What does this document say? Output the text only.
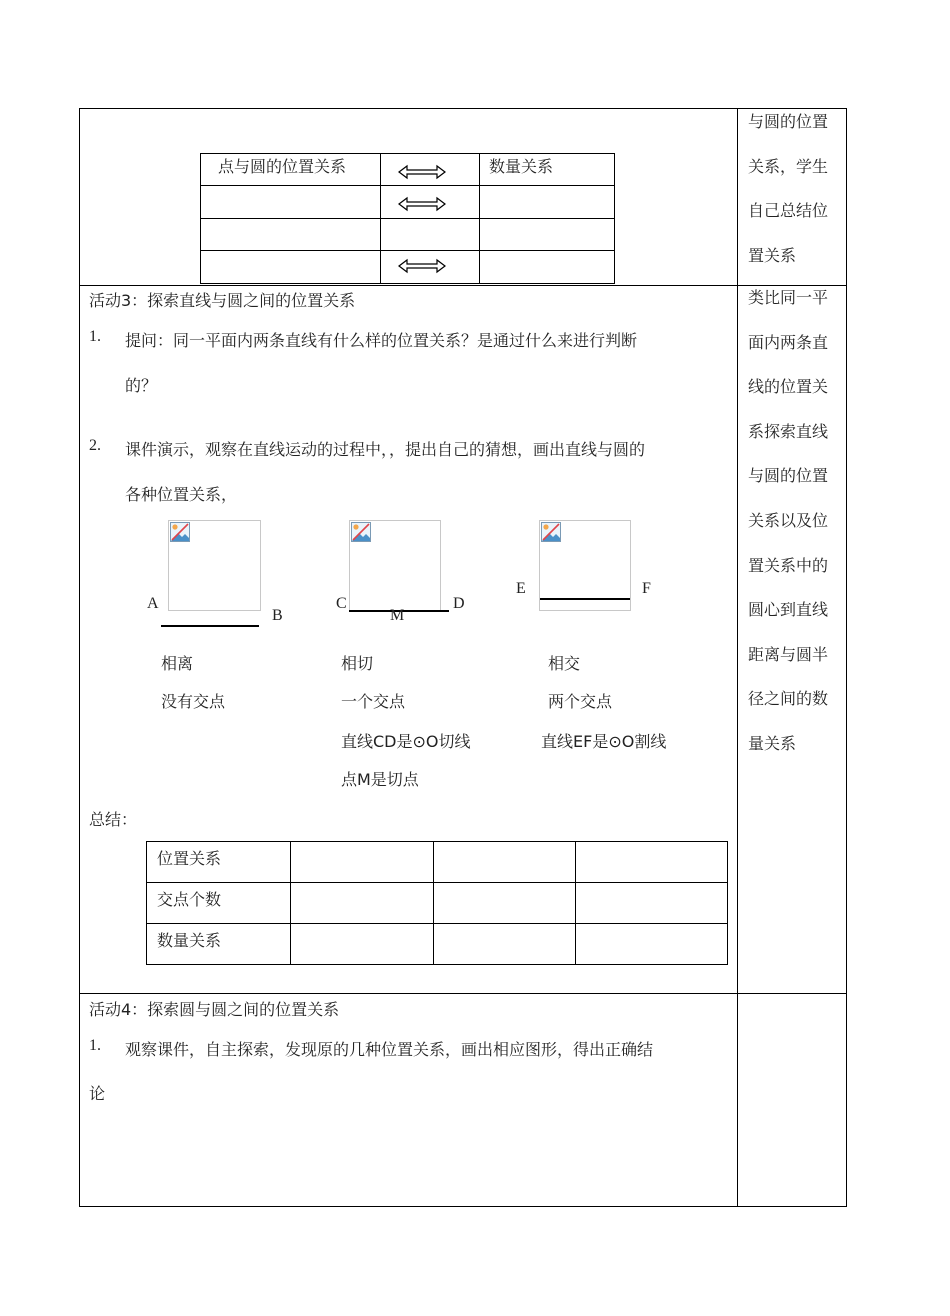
点与圆的位置关系	数量关系
与圆的位置
关系，学生
自己总结位
置关系
活动3：探索直线与圆之间的位置关系
1. 提问：同一平面内两条直线有什么样的位置关系？是通过什么来进行判断
的？
2. 课件演示，观察在直线运动的过程中，，提出自己的猜想，画出直线与圆的
各种位置关系，
A
B
相离
没有交点
C
M
D
相切
一个交点
直线CD是⊙O切线
点M是切点
E	F
相交
两个交点
直线EF是⊙O割线
总结：
位置关系
交点个数
数量关系
类比同一平
面内两条直
线的位置关
系探索直线
与圆的位置
关系以及位
置关系中的
圆心到直线
距离与圆半
径之间的数
量关系
活动4：探索圆与圆之间的位置关系
1. 观察课件，自主探索，发现原的几种位置关系，画出相应图形，得出正确结
论
